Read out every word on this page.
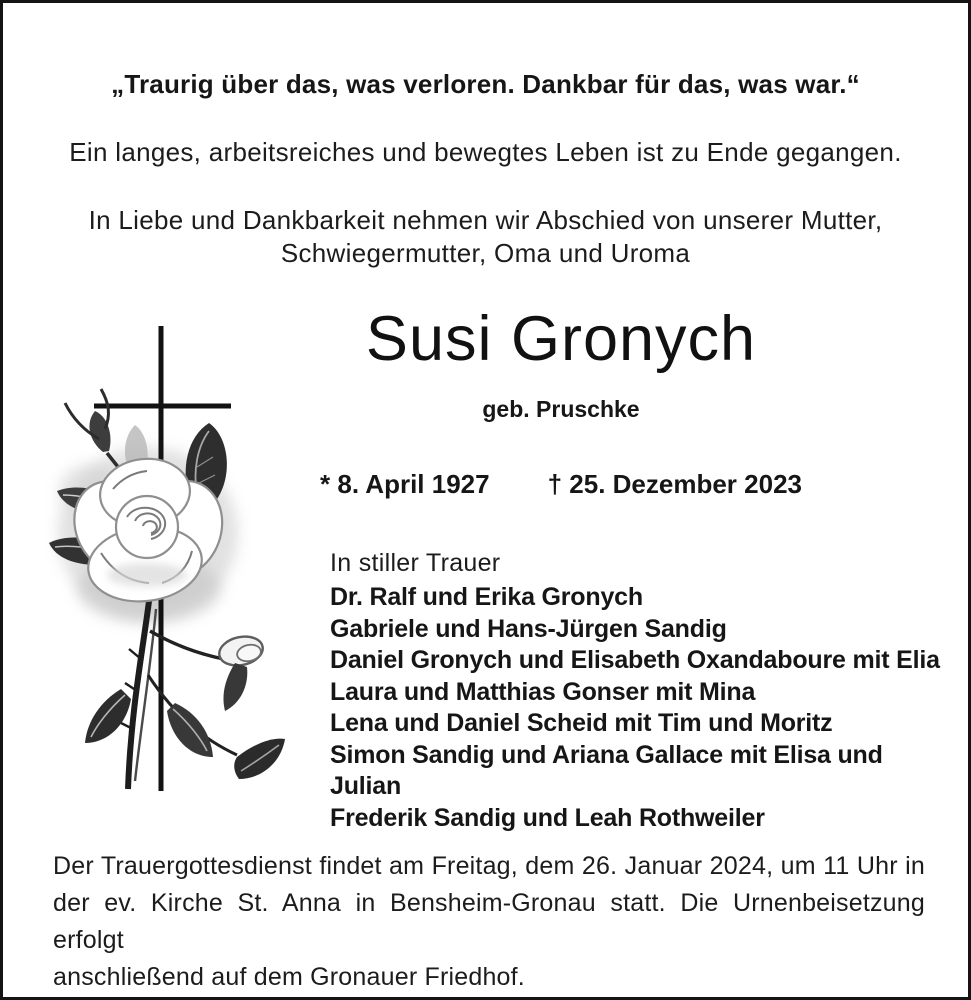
„Traurig über das, was verloren. Dankbar für das, was war.“
Ein langes, arbeitsreiches und bewegtes Leben ist zu Ende gegangen.
In Liebe und Dankbarkeit nehmen wir Abschied von unserer Mutter,
Schwiegermutter, Oma und Uroma
Susi Gronych
geb. Pruschke
* 8. April 1927 † 25. Dezember 2023
In stiller Trauer
Dr. Ralf und Erika Gronych
Gabriele und Hans-Jürgen Sandig
Daniel Gronych und Elisabeth Oxandaboure mit Elia
Laura und Matthias Gonser mit Mina
Lena und Daniel Scheid mit Tim und Moritz
Simon Sandig und Ariana Gallace mit Elisa und Julian
Frederik Sandig und Leah Rothweiler
Der Trauergottesdienst findet am Freitag, dem 26. Januar 2024, um 11 Uhr in
der ev. Kirche St. Anna in Bensheim-Gronau statt. Die Urnenbeisetzung erfolgt
anschließend auf dem Gronauer Friedhof.
